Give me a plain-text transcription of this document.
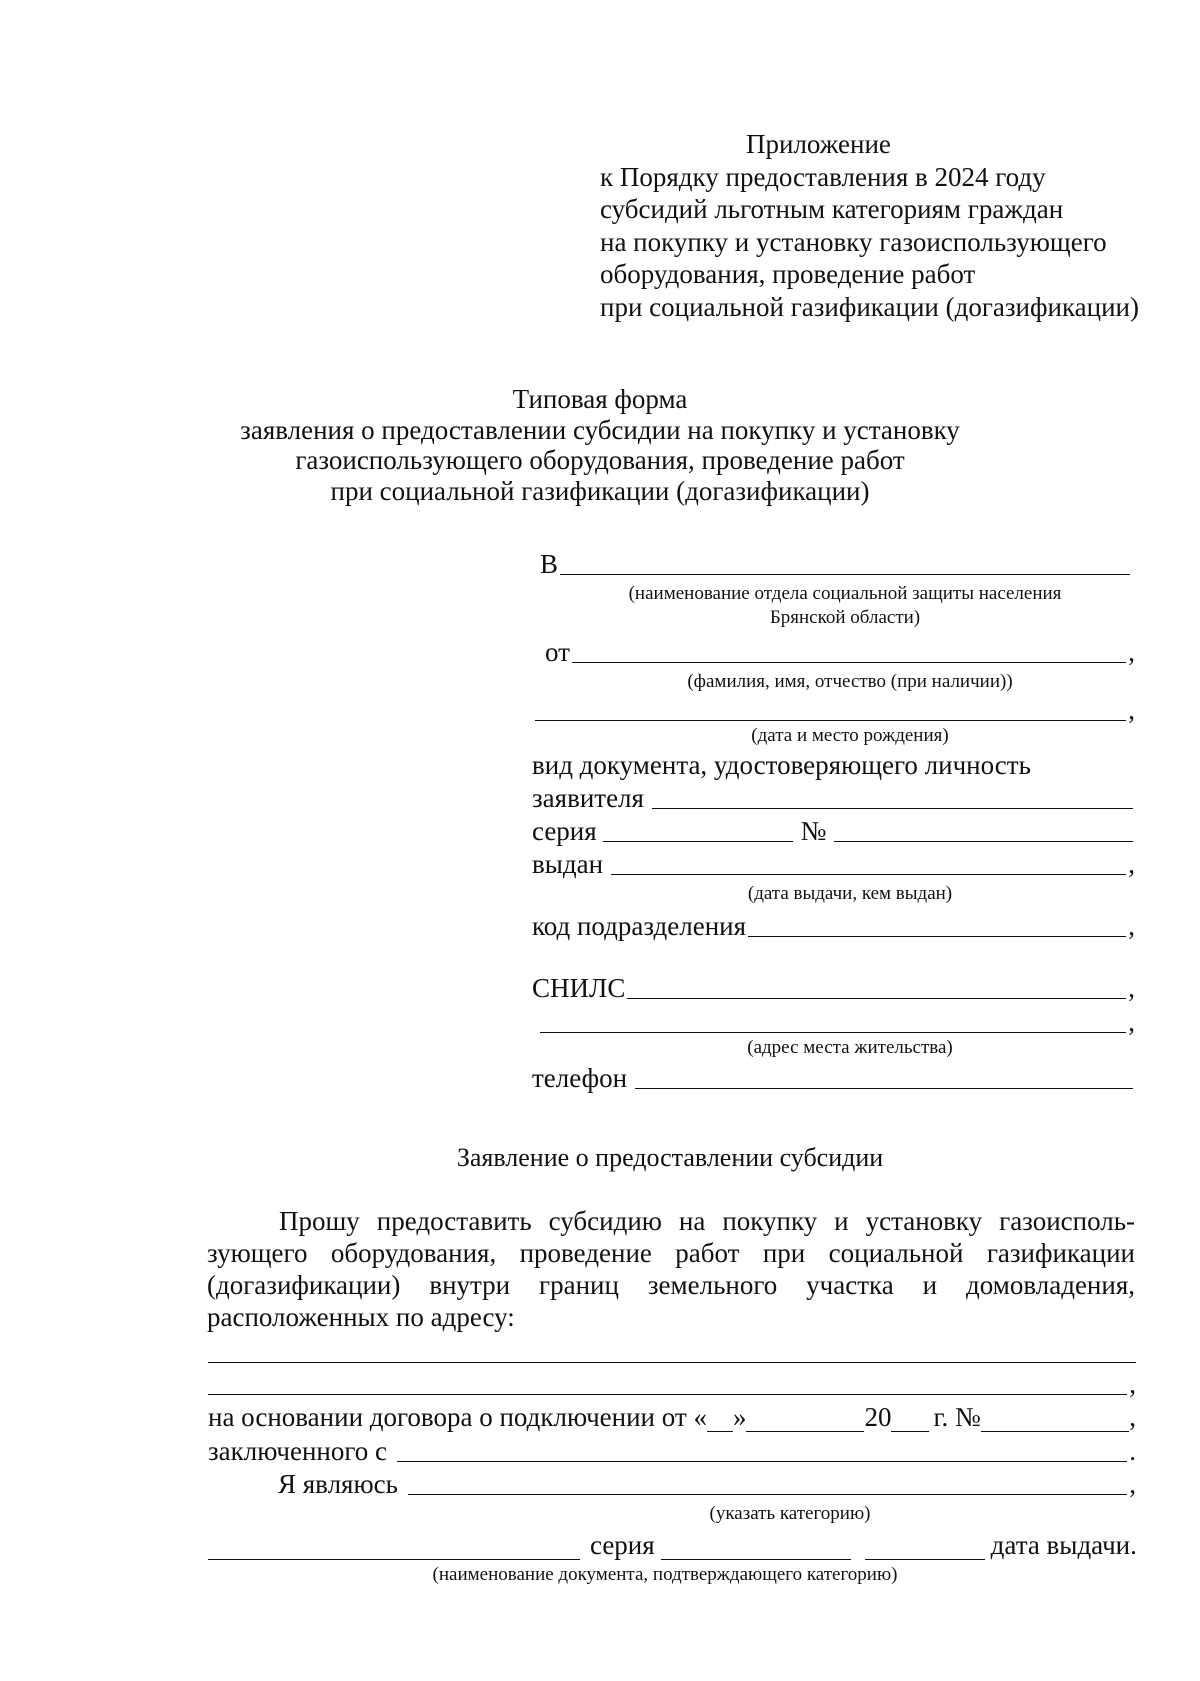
Приложение
к Порядку предоставления в 2024 году
субсидий льготным категориям граждан
на покупку и установку газоиспользующего
оборудования, проведение работ
при социальной газификации (догазификации)
Типовая форма
заявления о предоставлении субсидии на покупку и установку
газоиспользующего оборудования, проведение работ
при социальной газификации (догазификации)
В
(наименование отдела социальной защиты населения
Брянской области)
от	,
(фамилия, имя, отчество (при наличии))
,
(дата и место рождения)
вид документа, удостоверяющего личность
заявителя
серия	№
выдан	,
(дата выдачи, кем выдан)
код подразделения	,
СНИЛС	,
,
(адрес места жительства)
телефон
Заявление о предоставлении субсидии
Прошу предоставить субсидию на покупку и установку газоисполь-
зующего оборудования, проведение работ при социальной газификации
(догазификации) внутри границ земельного участка и домовладения,
расположенных по адресу:
,
на основании договора о подключении от « »	20 г. №	,
заключенного с	.
Я являюсь	,
(указать категорию)
серия	дата выдачи.
(наименование документа, подтверждающего категорию)
